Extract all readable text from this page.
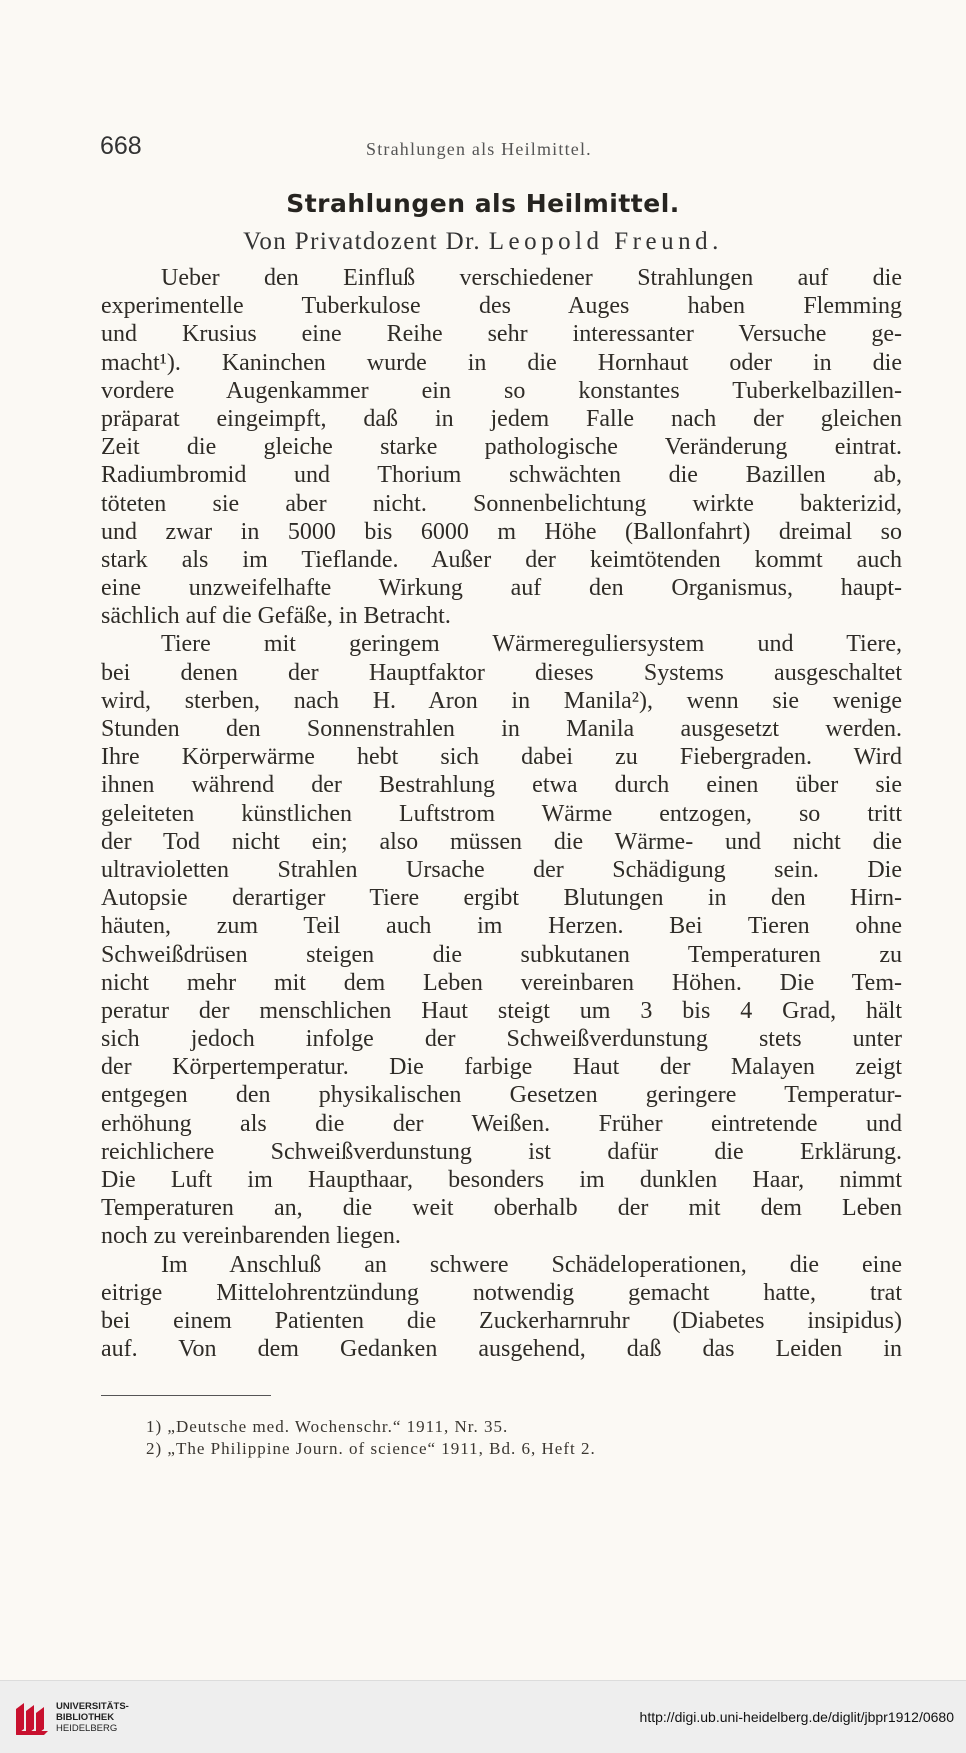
668	Strahlungen als Heilmittel.
Strahlungen als Heilmittel.
Von Privatdozent Dr. Leopold Freund.
Ueber den Einfluß verschiedener Strahlungen auf die
experimentelle Tuberkulose des Auges haben Flemming
und Krusius eine Reihe sehr interessanter Versuche ge-
macht¹). Kaninchen wurde in die Hornhaut oder in die
vordere Augenkammer ein so konstantes Tuberkelbazillen-
präparat eingeimpft, daß in jedem Falle nach der gleichen
Zeit die gleiche starke pathologische Veränderung eintrat.
Radiumbromid und Thorium schwächten die Bazillen ab,
töteten sie aber nicht. Sonnenbelichtung wirkte bakterizid,
und zwar in 5000 bis 6000 m Höhe (Ballonfahrt) dreimal so
stark als im Tieflande. Außer der keimtötenden kommt auch
eine unzweifelhafte Wirkung auf den Organismus, haupt-
sächlich auf die Gefäße, in Betracht.
Tiere mit geringem Wärmereguliersystem und Tiere,
bei denen der Hauptfaktor dieses Systems ausgeschaltet
wird, sterben, nach H. Aron in Manila²), wenn sie wenige
Stunden den Sonnenstrahlen in Manila ausgesetzt werden.
Ihre Körperwärme hebt sich dabei zu Fiebergraden. Wird
ihnen während der Bestrahlung etwa durch einen über sie
geleiteten künstlichen Luftstrom Wärme entzogen, so tritt
der Tod nicht ein; also müssen die Wärme- und nicht die
ultravioletten Strahlen Ursache der Schädigung sein. Die
Autopsie derartiger Tiere ergibt Blutungen in den Hirn-
häuten, zum Teil auch im Herzen. Bei Tieren ohne
Schweißdrüsen steigen die subkutanen Temperaturen zu
nicht mehr mit dem Leben vereinbaren Höhen. Die Tem-
peratur der menschlichen Haut steigt um 3 bis 4 Grad, hält
sich jedoch infolge der Schweißverdunstung stets unter
der Körpertemperatur. Die farbige Haut der Malayen zeigt
entgegen den physikalischen Gesetzen geringere Temperatur-
erhöhung als die der Weißen. Früher eintretende und
reichlichere Schweißverdunstung ist dafür die Erklärung.
Die Luft im Haupthaar, besonders im dunklen Haar, nimmt
Temperaturen an, die weit oberhalb der mit dem Leben
noch zu vereinbarenden liegen.
Im Anschluß an schwere Schädeloperationen, die eine
eitrige Mittelohrentzündung notwendig gemacht hatte, trat
bei einem Patienten die Zuckerharnruhr (Diabetes insipidus)
auf. Von dem Gedanken ausgehend, daß das Leiden in
1) „Deutsche med. Wochenschr.“ 1911, Nr. 35.
2) „The Philippine Journ. of science“ 1911, Bd. 6, Heft 2.
UNIVERSITÄTS-
BIBLIOTHEK
HEIDELBERG
http://digi.ub.uni-heidelberg.de/diglit/jbpr1912/0680
